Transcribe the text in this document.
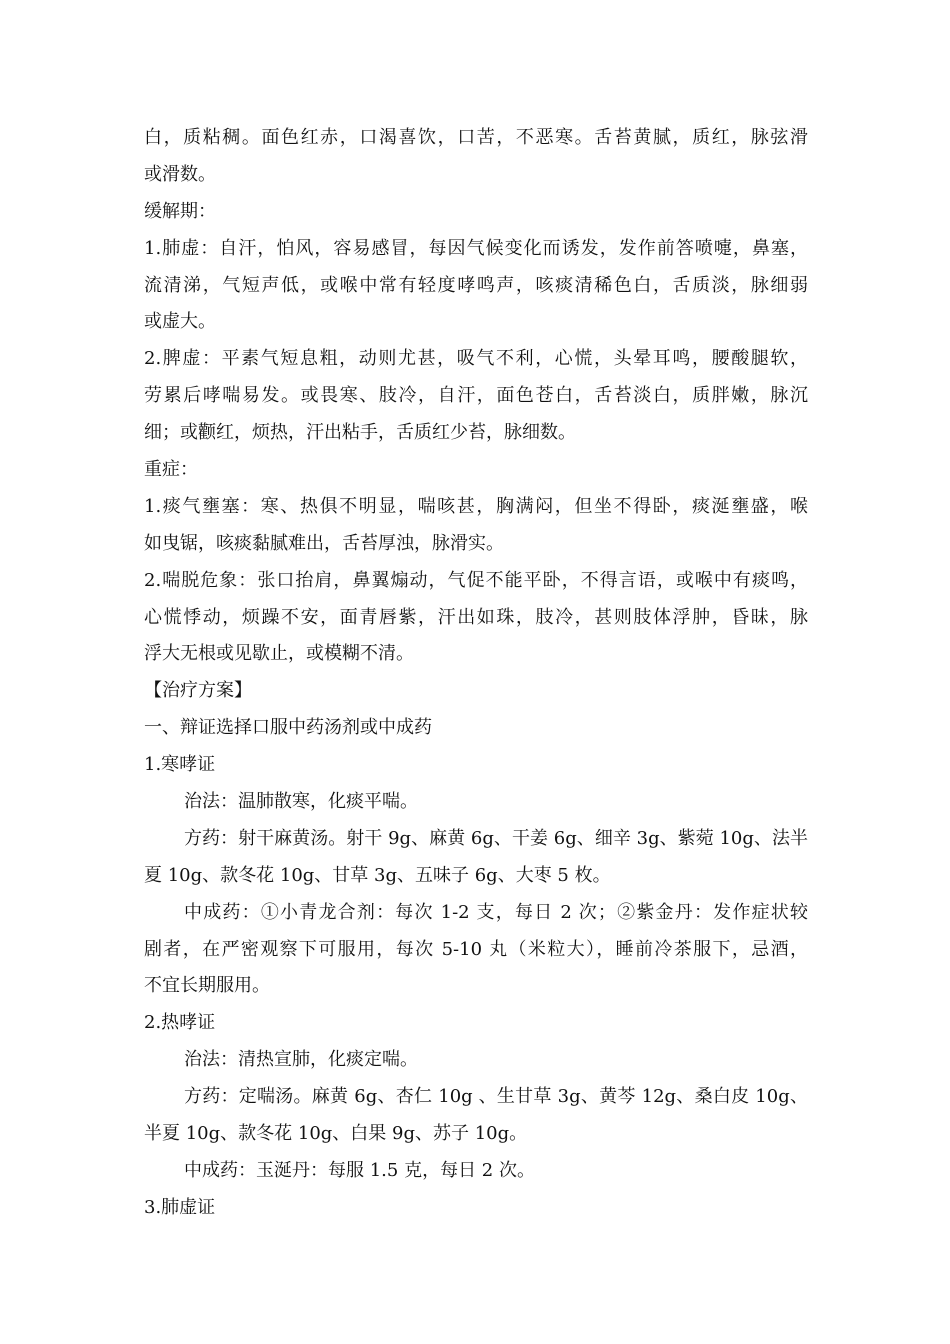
白，质粘稠。面色红赤，口渴喜饮，口苦，不恶寒。舌苔黄腻，质红，脉弦滑
或滑数。
缓解期：
1.肺虚：自汗，怕风，容易感冒，每因气候变化而诱发，发作前答喷嚏，鼻塞，
流清涕，气短声低，或喉中常有轻度哮鸣声，咳痰清稀色白，舌质淡，脉细弱
或虚大。
2.脾虚：平素气短息粗，动则尤甚，吸气不利，心慌，头晕耳鸣，腰酸腿软，
劳累后哮喘易发。或畏寒、肢冷，自汗，面色苍白，舌苔淡白，质胖嫩，脉沉
细；或颧红，烦热，汗出粘手，舌质红少苔，脉细数。
重症：
1.痰气壅塞：寒、热俱不明显，喘咳甚，胸满闷，但坐不得卧，痰涎壅盛，喉
如曳锯，咳痰黏腻难出，舌苔厚浊，脉滑实。
2.喘脱危象：张口抬肩，鼻翼煽动，气促不能平卧，不得言语，或喉中有痰鸣，
心慌悸动，烦躁不安，面青唇紫，汗出如珠，肢冷，甚则肢体浮肿，昏昧，脉
浮大无根或见歇止，或模糊不清。
【治疗方案】
一、辩证选择口服中药汤剂或中成药
1.寒哮证
治法：温肺散寒，化痰平喘。
方药：射干麻黄汤。射干 9g、麻黄 6g、干姜 6g、细辛 3g、紫菀 10g、法半
夏 10g、款冬花 10g、甘草 3g、五味子 6g、大枣 5 枚。
中成药：①小青龙合剂：每次 1-2 支，每日 2 次；②紫金丹：发作症状较
剧者，在严密观察下可服用，每次 5-10 丸（米粒大），睡前冷茶服下，忌酒，
不宜长期服用。
2.热哮证
治法：清热宣肺，化痰定喘。
方药：定喘汤。麻黄 6g、杏仁 10g 、生甘草 3g、黄芩 12g、桑白皮 10g、
半夏 10g、款冬花 10g、白果 9g、苏子 10g。
中成药：玉涎丹：每服 1.5 克，每日 2 次。
3.肺虚证
